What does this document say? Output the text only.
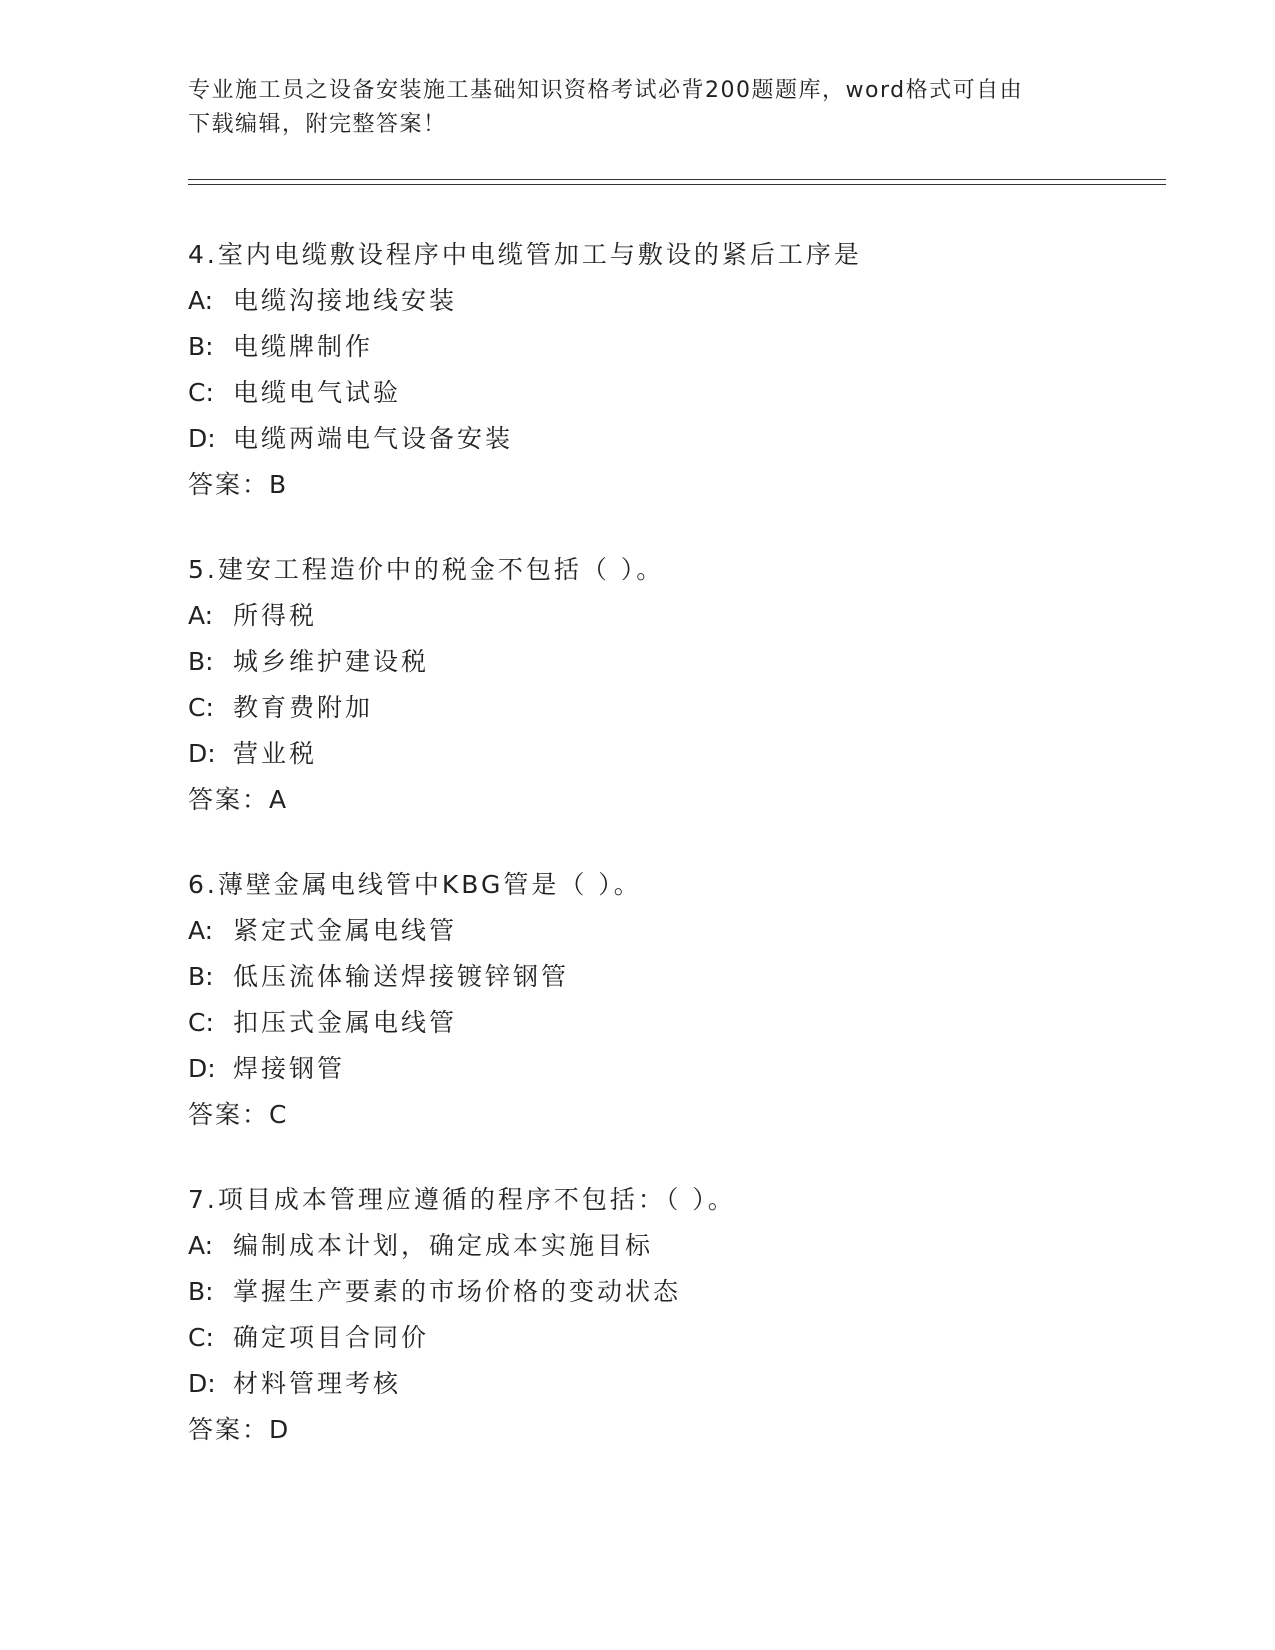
专业施工员之设备安装施工基础知识资格考试必背200题题库，word格式可自由
下载编辑，附完整答案！
4.室内电缆敷设程序中电缆管加工与敷设的紧后工序是
A: 电缆沟接地线安装
B: 电缆牌制作
C: 电缆电气试验
D: 电缆两端电气设备安装
答案：B
5.建安工程造价中的税金不包括（ ）。
A: 所得税
B: 城乡维护建设税
C: 教育费附加
D: 营业税
答案：A
6.薄壁金属电线管中KBG管是（ ）。
A: 紧定式金属电线管
B: 低压流体输送焊接镀锌钢管
C: 扣压式金属电线管
D: 焊接钢管
答案：C
7.项目成本管理应遵循的程序不包括：（ ）。
A: 编制成本计划，确定成本实施目标
B: 掌握生产要素的市场价格的变动状态
C: 确定项目合同价
D: 材料管理考核
答案：D
